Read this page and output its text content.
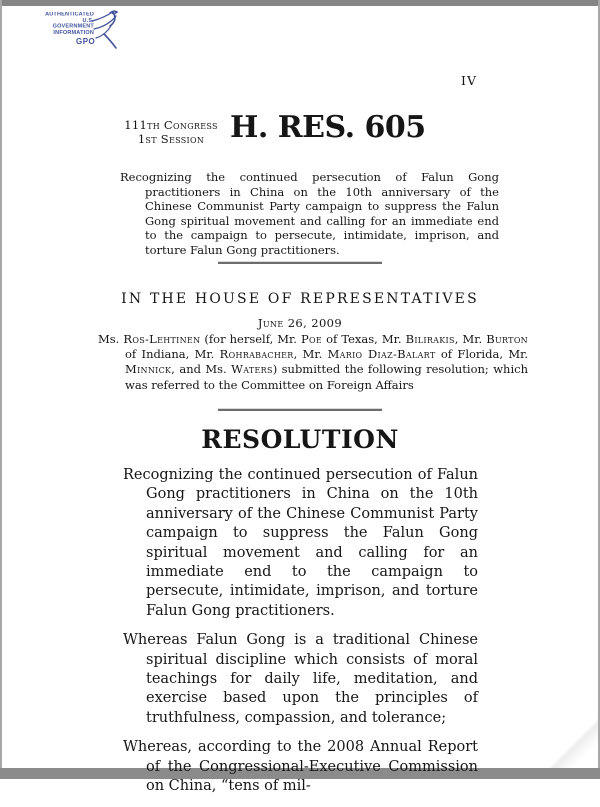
AUTHENTICATED
U.S. GOVERNMENT
INFORMATION
GPO
IV
111th Congress
1st Session H. RES. 605

Recognizing the continued persecution of Falun Gong practitioners in China on the 10th anniversary of the Chinese Communist Party campaign to suppress the Falun Gong spiritual movement and calling for an immediate end to the campaign to persecute, intimidate, imprison, and torture Falun Gong practitioners.

IN THE HOUSE OF REPRESENTATIVES
June 26, 2009

Ms. Ros-Lehtinen (for herself, Mr. Poe of Texas, Mr. Bilirakis, Mr. Burton of Indiana, Mr. Rohrabacher, Mr. Mario Diaz-Balart of Florida, Mr. Minnick, and Ms. Waters) submitted the following resolution; which was referred to the Committee on Foreign Affairs

RESOLUTION

Recognizing the continued persecution of Falun Gong practitioners in China on the 10th anniversary of the Chinese Communist Party campaign to suppress the Falun Gong spiritual movement and calling for an immediate end to the campaign to persecute, intimidate, imprison, and torture Falun Gong practitioners.

Whereas Falun Gong is a traditional Chinese spiritual discipline which consists of moral teachings for daily life, meditation, and exercise based upon the principles of truthfulness, compassion, and tolerance;

Whereas, according to the 2008 Annual Report of the Congressional-Executive Commission on China, “tens of mil-
